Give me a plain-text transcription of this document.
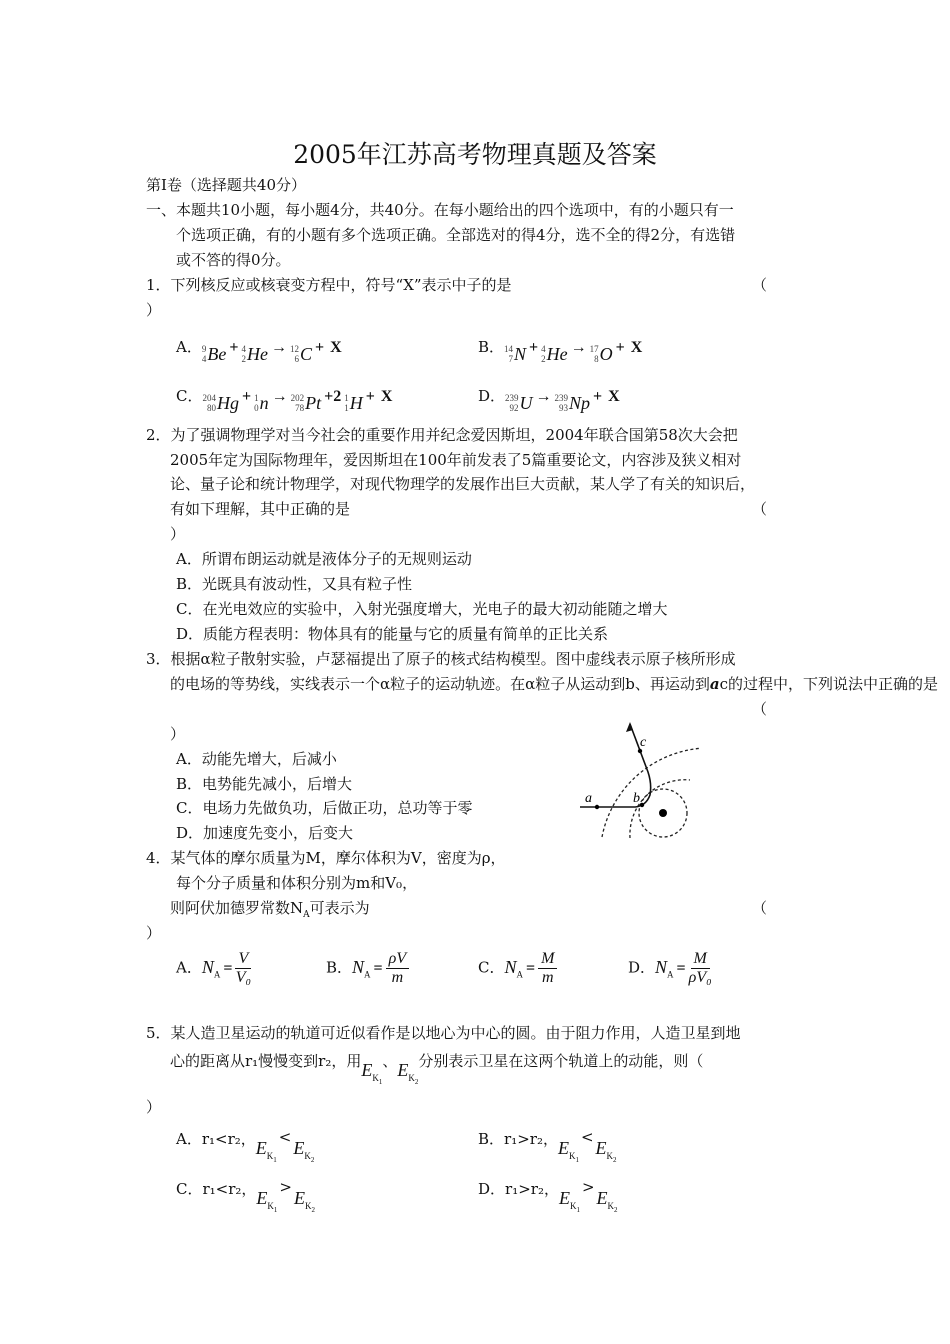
2005年江苏高考物理真题及答案
第Ⅰ卷（选择题共40分）
一、本题共10小题，每小题4分，共40分。在每小题给出的四个选项中，有的小题只有一
个选项正确，有的小题有多个选项正确。全部选对的得4分，选不全的得2分，有选错
或不答的得0分。
1．下列核反应或核衰变方程中，符号“X”表示中子的是	（
）
A． 9
4 Be + 4
2 He → 12
6 C + X	B． 14
7 N + 4
2 He → 17
8 O + X
C． 204
80 Hg + 1
0 n → 202
78 Pt +2 1
1 H + X	D． 239
92 U → 239
93 Np + X
2．为了强调物理学对当今社会的重要作用并纪念爱因斯坦，2004年联合国第58次大会把
2005年定为国际物理年，爱因斯坦在100年前发表了5篇重要论文，内容涉及狭义相对
论、量子论和统计物理学，对现代物理学的发展作出巨大贡献，某人学了有关的知识后，
有如下理解，其中正确的是	（
）
A．所谓布朗运动就是液体分子的无规则运动
B．光既具有波动性，又具有粒子性
C．在光电效应的实验中，入射光强度增大，光电子的最大初动能随之增大
D．质能方程表明：物体具有的能量与它的质量有简单的正比关系
3．根据α粒子散射实验，卢瑟福提出了原子的核式结构模型。图中虚线表示原子核所形成
的电场的等势线，实线表示一个α粒子的运动轨迹。在α粒子从运动到b、再运动到ac的过程中，下列说法中正确的是
（
）
A．动能先增大，后减小
B．电势能先减小，后增大
C．电场力先做负功，后做正功，总功等于零
D．加速度先变小，后变大
a	b
c
4．某气体的摩尔质量为M，摩尔体积为V，密度为ρ，
每个分子质量和体积分别为m和V₀，
则阿伏加德罗常数$N_A$可表示为	（
）
A．$N_A = \frac{V}{\text{V₀}}$	B．$N_A = \frac{\rho V}{m}$	C．$N_A = \frac{M}{m}$	D．$N_A = \frac{M}{\text{ρV₀}}$
5．某人造卫星运动的轨道可近似看作是以地心为中心的圆。由于阻力作用，人造卫星到地
心的距离从r₁慢慢变到r₂，用$E_{K_1}$、$E_{K_2}$分别表示卫星在这两个轨道上的动能，则（
）
A．r₁<r₂，$E_{K_1}<E_{K_2}$
B．r₁>r₂，$E_{K_1}<E_{K_2}$
C．r₁<r₂，$E_{K_1}>E_{K_2}$
D．r₁>r₂，$E_{K_1}>E_{K_2}$
